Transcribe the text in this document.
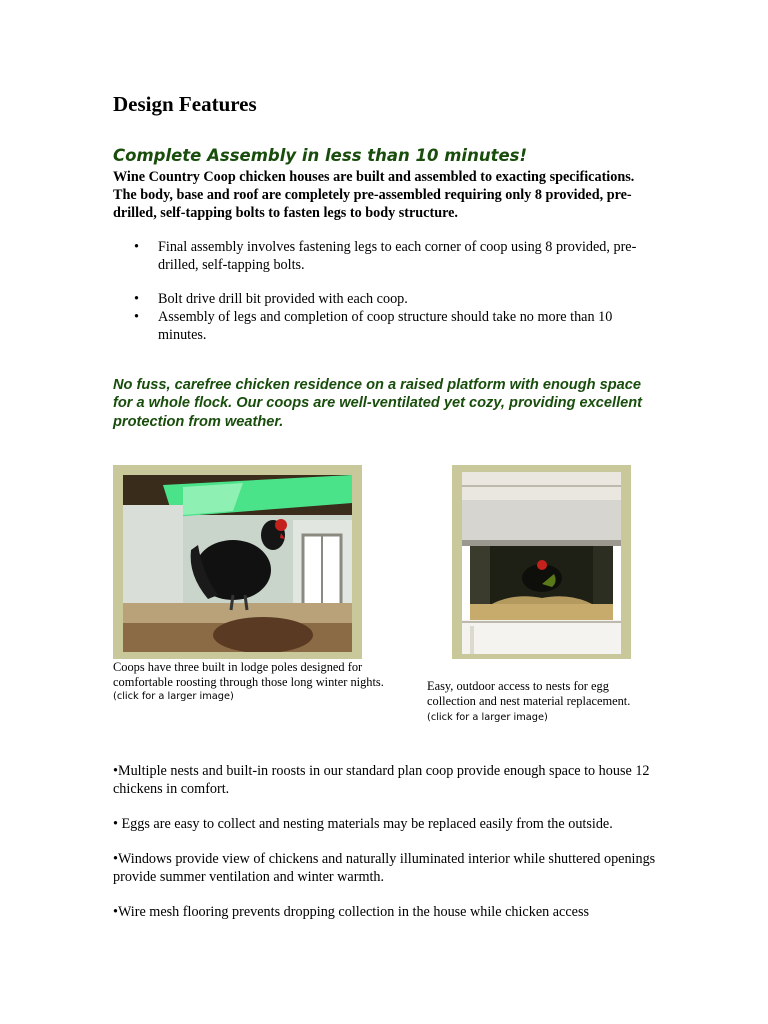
Design Features

Complete Assembly in less than 10 minutes!

Wine Country Coop chicken houses are built and assembled to exacting specifications. The body, base and roof are completely pre-assembled requiring only 8 provided, pre-drilled, self-tapping bolts to fasten legs to body structure.

• Final assembly involves fastening legs to each corner of coop using 8 provided, pre-drilled, self-tapping bolts.
• Bolt drive drill bit provided with each coop.
• Assembly of legs and completion of coop structure should take no more than 10 minutes.

No fuss, carefree chicken residence on a raised platform with enough space for a whole flock. Our coops are well-ventilated yet cozy, providing excellent protection from weather.

Coops have three built in lodge poles designed for comfortable roosting through those long winter nights.
(click for a larger image)

Easy, outdoor access to nests for egg collection and nest material replacement.
(click for a larger image)

•Multiple nests and built-in roosts in our standard plan coop provide enough space to house 12 chickens in comfort.

• Eggs are easy to collect and nesting materials may be replaced easily from the outside.

•Windows provide view of chickens and naturally illuminated interior while shuttered openings provide summer ventilation and winter warmth.

•Wire mesh flooring prevents dropping collection in the house while chicken access
